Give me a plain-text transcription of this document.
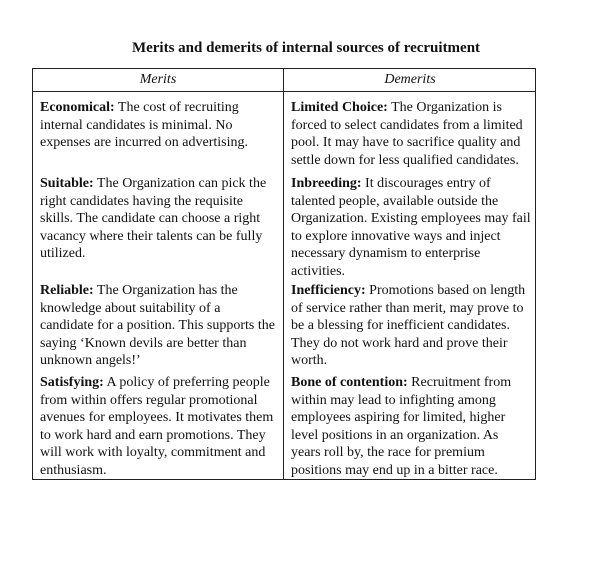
Merits and demerits of internal sources of recruitment
Merits	Demerits
Economical: The cost of recruiting internal candidates is minimal. No expenses are incurred on advertising.
Suitable: The Organization can pick the right candidates having the requisite skills. The candidate can choose a right vacancy where their talents can be fully utilized.
Reliable: The Organization has the knowledge about suitability of a candidate for a position. This supports the saying ‘Known devils are better than unknown angels!’
Satisfying: A policy of preferring people from within offers regular promotional avenues for employees. It motivates them to work hard and earn promotions. They will work with loyalty, commitment and enthusiasm.
Limited Choice: The Organization is forced to select candidates from a limited pool. It may have to sacrifice quality and settle down for less qualified candidates.
Inbreeding: It discourages entry of talented people, available outside the Organization. Existing employees may fail to explore innovative ways and inject necessary dynamism to enterprise activities.
Inefficiency: Promotions based on length of service rather than merit, may prove to be a blessing for inefficient candidates. They do not work hard and prove their worth.
Bone of contention: Recruitment from within may lead to infighting among employees aspiring for limited, higher level positions in an organization. As years roll by, the race for premium positions may end up in a bitter race.
